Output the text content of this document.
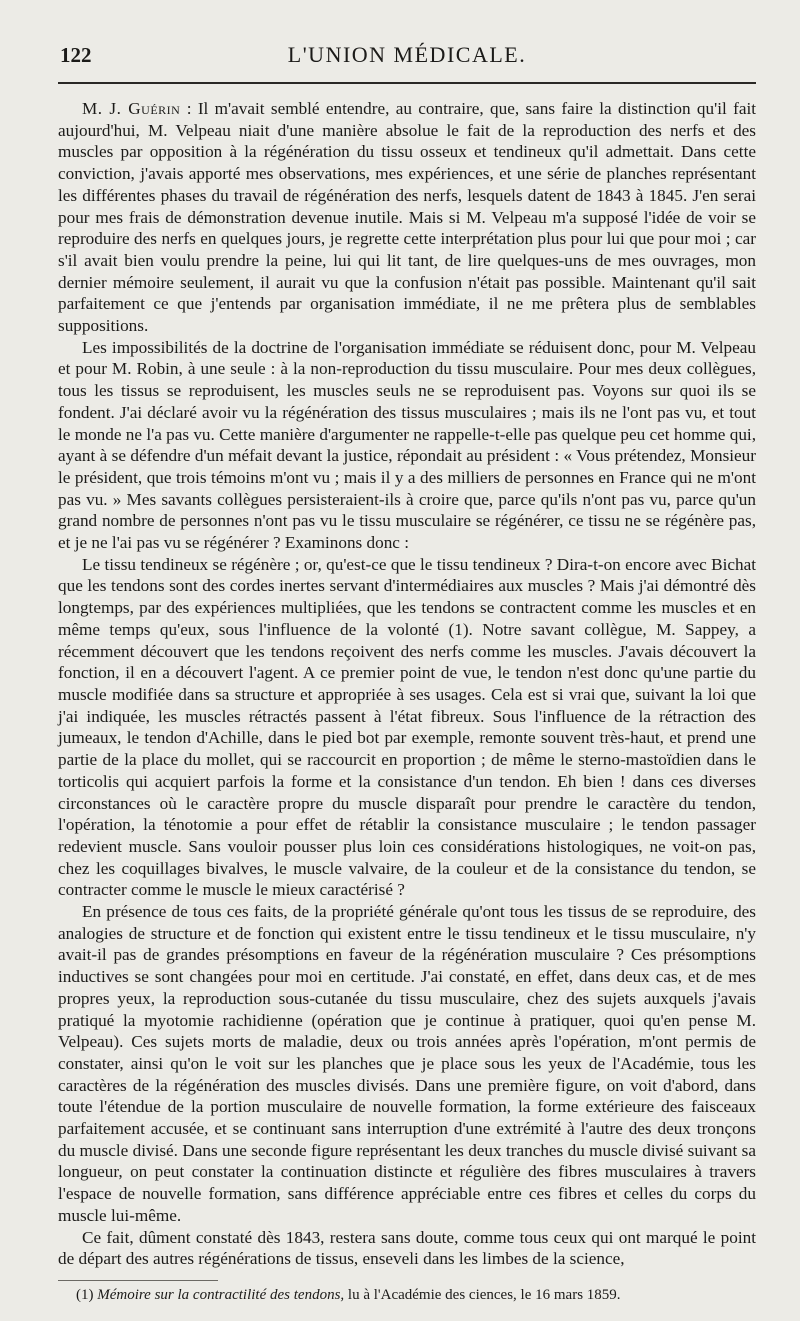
122	L'UNION MÉDICALE.

M. J. Guérin : Il m'avait semblé entendre, au contraire, que, sans faire la distinction qu'il fait aujourd'hui, M. Velpeau niait d'une manière absolue le fait de la reproduction des nerfs et des muscles par opposition à la régénération du tissu osseux et tendineux qu'il admettait. Dans cette conviction, j'avais apporté mes observations, mes expériences, et une série de planches représentant les différentes phases du travail de régénération des nerfs, lesquels datent de 1843 à 1845. J'en serai pour mes frais de démonstration devenue inutile. Mais si M. Velpeau m'a supposé l'idée de voir se reproduire des nerfs en quelques jours, je regrette cette interprétation plus pour lui que pour moi ; car s'il avait bien voulu prendre la peine, lui qui lit tant, de lire quelques-uns de mes ouvrages, mon dernier mémoire seulement, il aurait vu que la confusion n'était pas possible. Maintenant qu'il sait parfaitement ce que j'entends par organisation immédiate, il ne me prêtera plus de semblables suppositions.

Les impossibilités de la doctrine de l'organisation immédiate se réduisent donc, pour M. Velpeau et pour M. Robin, à une seule : à la non-reproduction du tissu musculaire. Pour mes deux collègues, tous les tissus se reproduisent, les muscles seuls ne se reproduisent pas. Voyons sur quoi ils se fondent. J'ai déclaré avoir vu la régénération des tissus musculaires ; mais ils ne l'ont pas vu, et tout le monde ne l'a pas vu. Cette manière d'argumenter ne rappelle-t-elle pas quelque peu cet homme qui, ayant à se défendre d'un méfait devant la justice, répondait au président : « Vous prétendez, Monsieur le président, que trois témoins m'ont vu ; mais il y a des milliers de personnes en France qui ne m'ont pas vu. » Mes savants collègues persisteraient-ils à croire que, parce qu'ils n'ont pas vu, parce qu'un grand nombre de personnes n'ont pas vu le tissu musculaire se régénérer, ce tissu ne se régénère pas, et je ne l'ai pas vu se régénérer ? Examinons donc :

Le tissu tendineux se régénère ; or, qu'est-ce que le tissu tendineux ? Dira-t-on encore avec Bichat que les tendons sont des cordes inertes servant d'intermédiaires aux muscles ? Mais j'ai démontré dès longtemps, par des expériences multipliées, que les tendons se contractent comme les muscles et en même temps qu'eux, sous l'influence de la volonté (1). Notre savant collègue, M. Sappey, a récemment découvert que les tendons reçoivent des nerfs comme les muscles. J'avais découvert la fonction, il en a découvert l'agent. A ce premier point de vue, le tendon n'est donc qu'une partie du muscle modifiée dans sa structure et appropriée à ses usages. Cela est si vrai que, suivant la loi que j'ai indiquée, les muscles rétractés passent à l'état fibreux. Sous l'influence de la rétraction des jumeaux, le tendon d'Achille, dans le pied bot par exemple, remonte souvent très-haut, et prend une partie de la place du mollet, qui se raccourcit en proportion ; de même le sterno-mastoïdien dans le torticolis qui acquiert parfois la forme et la consistance d'un tendon. Eh bien ! dans ces diverses circonstances où le caractère propre du muscle disparaît pour prendre le caractère du tendon, l'opération, la ténotomie a pour effet de rétablir la consistance musculaire ; le tendon passager redevient muscle. Sans vouloir pousser plus loin ces considérations histologiques, ne voit-on pas, chez les coquillages bivalves, le muscle valvaire, de la couleur et de la consistance du tendon, se contracter comme le muscle le mieux caractérisé ?

En présence de tous ces faits, de la propriété générale qu'ont tous les tissus de se reproduire, des analogies de structure et de fonction qui existent entre le tissu tendineux et le tissu musculaire, n'y avait-il pas de grandes présomptions en faveur de la régénération musculaire ? Ces présomptions inductives se sont changées pour moi en certitude. J'ai constaté, en effet, dans deux cas, et de mes propres yeux, la reproduction sous-cutanée du tissu musculaire, chez des sujets auxquels j'avais pratiqué la myotomie rachidienne (opération que je continue à pratiquer, quoi qu'en pense M. Velpeau). Ces sujets morts de maladie, deux ou trois années après l'opération, m'ont permis de constater, ainsi qu'on le voit sur les planches que je place sous les yeux de l'Académie, tous les caractères de la régénération des muscles divisés. Dans une première figure, on voit d'abord, dans toute l'étendue de la portion musculaire de nouvelle formation, la forme extérieure des faisceaux parfaitement accusée, et se continuant sans interruption d'une extrémité à l'autre des deux tronçons du muscle divisé. Dans une seconde figure représentant les deux tranches du muscle divisé suivant sa longueur, on peut constater la continuation distincte et régulière des fibres musculaires à travers l'espace de nouvelle formation, sans différence appréciable entre ces fibres et celles du corps du muscle lui-même.

Ce fait, dûment constaté dès 1843, restera sans doute, comme tous ceux qui ont marqué le point de départ des autres régénérations de tissus, enseveli dans les limbes de la science,

(1) Mémoire sur la contractilité des tendons, lu à l'Académie des ciences, le 16 mars 1859.
